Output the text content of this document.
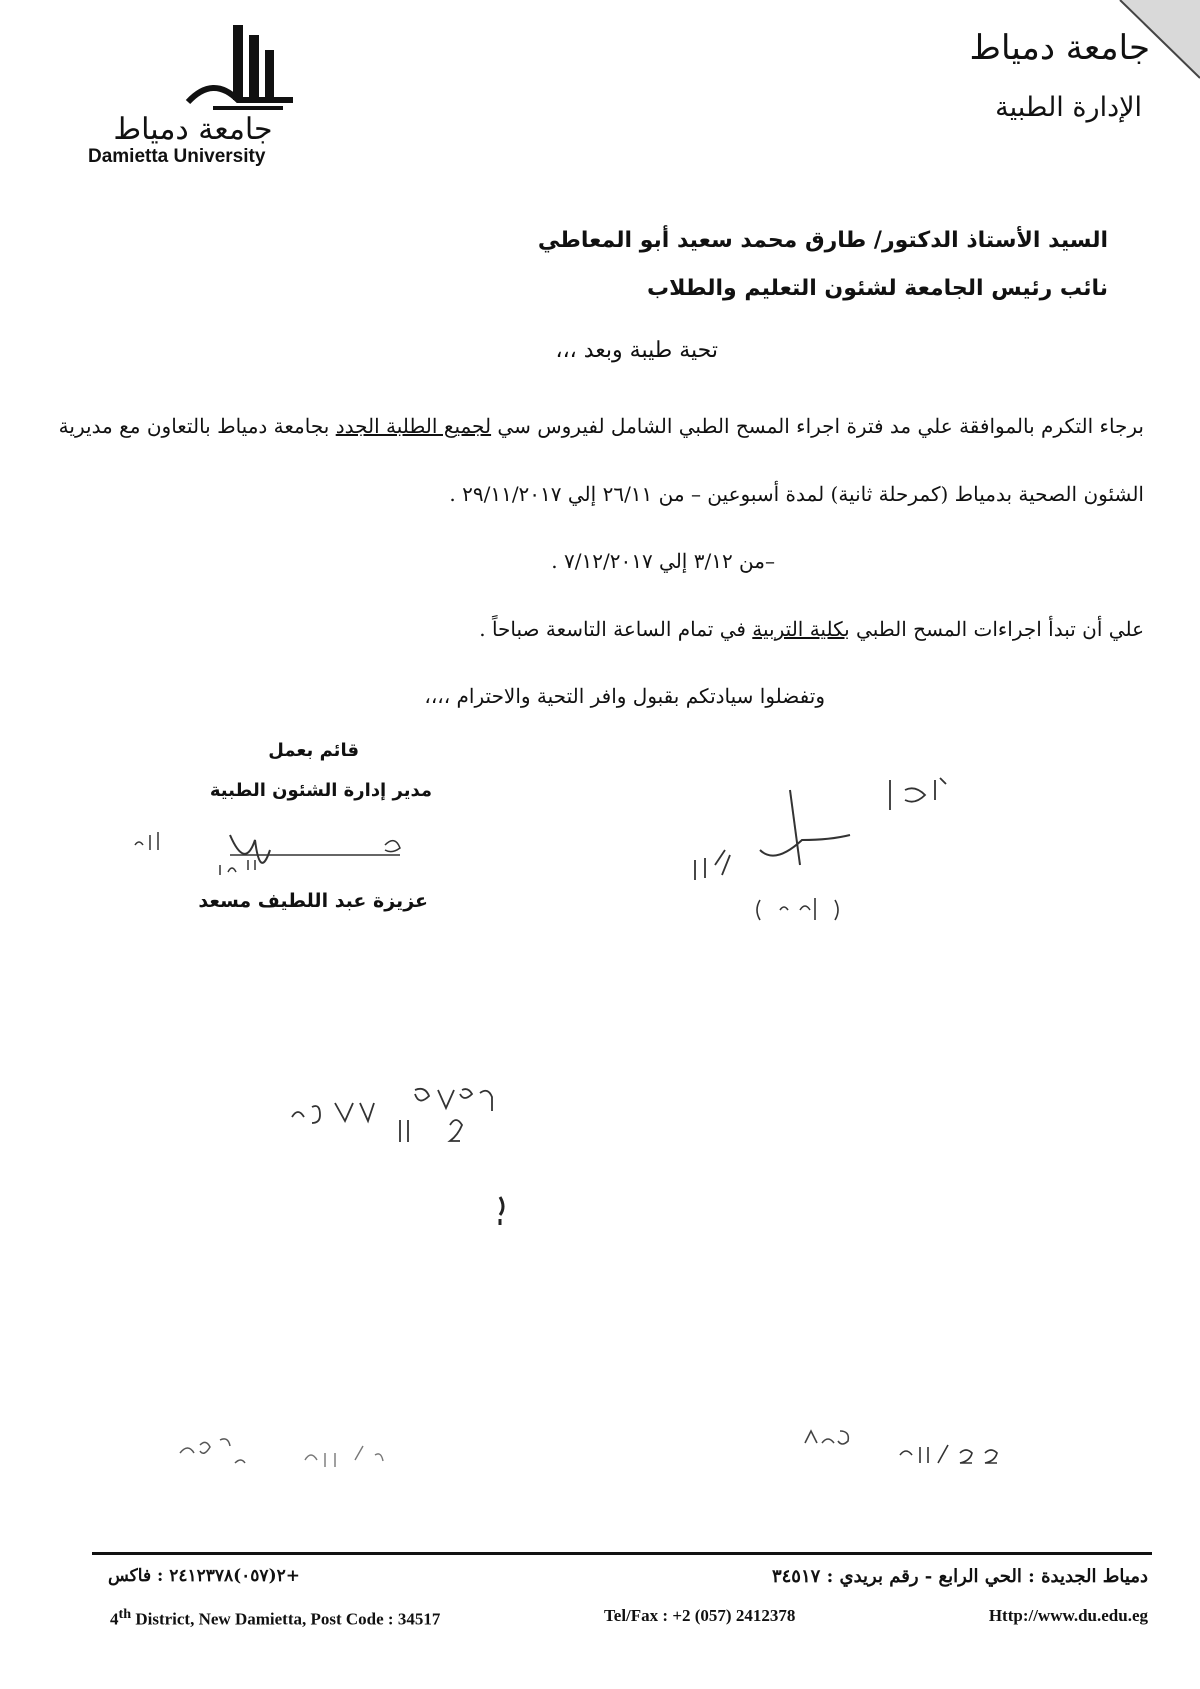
جامعة دمياط
Damietta University
جامعة دمياط
الإدارة الطبية
السيد الأستاذ الدكتور/ طارق محمد سعيد أبو المعاطي
نائب رئيس الجامعة لشئون التعليم والطلاب
تحية طيبة وبعد ،،،
برجاء التكرم بالموافقة علي مد فترة اجراء المسح الطبي الشامل لفيروس سي لجميع الطلبة الجدد بجامعة دمياط بالتعاون مع مديرية
الشئون الصحية بدمياط (كمرحلة ثانية) لمدة أسبوعين – من ٢٦/١١ إلي ٢٩/١١/٢٠١٧ .
–من ٣/١٢ إلي ٧/١٢/٢٠١٧ .
علي أن تبدأ اجراءات المسح الطبي بكلية التربية في تمام الساعة التاسعة صباحاً .
وتفضلوا سيادتكم بقبول وافر التحية والاحترام ،،،،
قائم بعمل
مدير إدارة الشئون الطبية
عزيزة عبد اللطيف مسعد
دمياط الجديدة : الحي الرابع - رقم بريدي : ٣٤٥١٧
+٢(٠٥٧)٢٤١٢٣٧٨ : فاكس
4th District, New Damietta, Post Code : 34517	Tel/Fax : +2 (057) 2412378	Http://www.du.edu.eg
